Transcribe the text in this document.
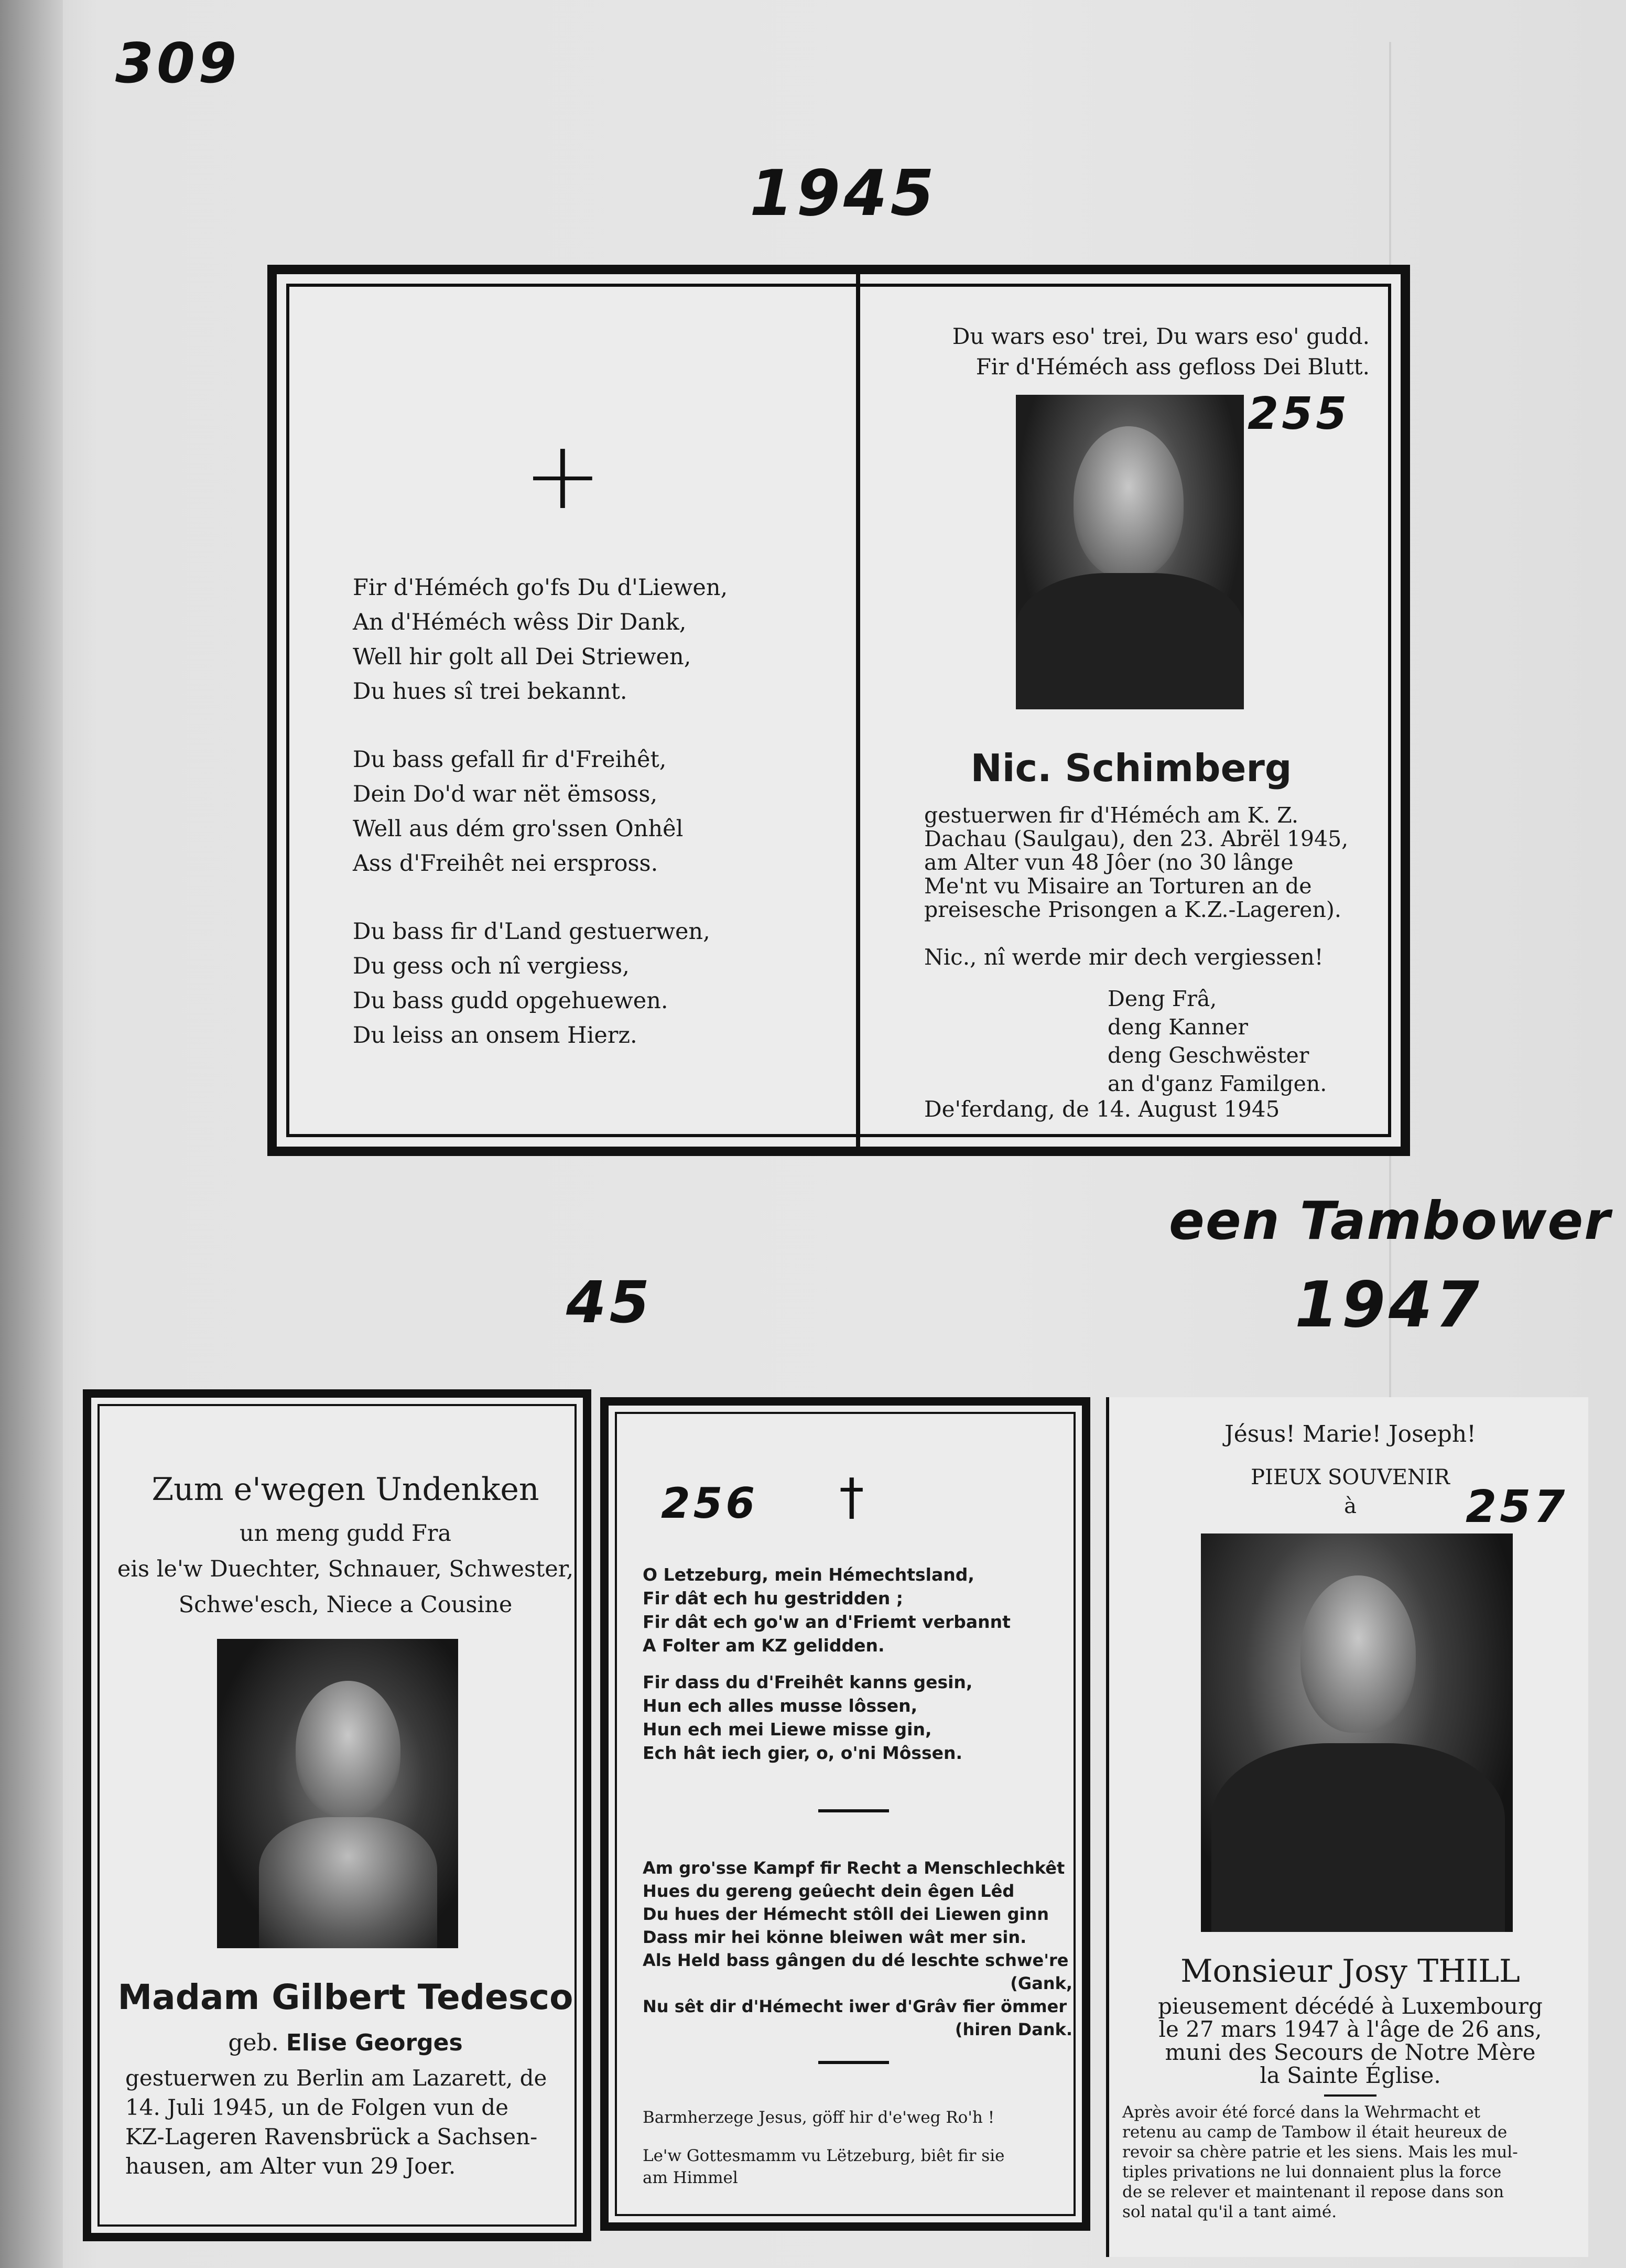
309
1945
255
een Tambower
45	1947
+

Fir d'Héméch go'fs Du d'Liewen,

An d'Héméch wêss Dir Dank,

Well hir golt all Dei Striewen,

Du hues sî trei bekannt.

Du bass gefall fir d'Freihêt,

Dein Do'd war nët ëmsoss,

Well aus dém gro'ssen Onhêl

Ass d'Freihêt nei erspross.

Du bass fir d'Land gestuerwen,

Du gess och nî vergiess,

Du bass gudd opgehuewen.

Du leiss an onsem Hierz.

Du wars eso' trei, Du wars eso' gudd.

Fir d'Héméch ass gefloss Dei Blutt.

Nic. Schimberg

gestuerwen fir d'Héméch am K. Z.

Dachau (Saulgau), den 23. Abrël 1945,

am Alter vun 48 Jôer (no 30 lânge

Me'nt vu Misaire an Torturen an de

preisesche Prisongen a K.Z.-Lageren).

Nic., nî werde mir dech vergiessen!

Deng Frâ,

deng Kanner

deng Geschwëster

an d'ganz Familgen.

De'ferdang, de 14. August 1945
Zum e'wegen Undenken
un meng gudd Fra
eis le'w Duechter, Schnauer, Schwester,
Schwe'esch, Niece a Cousine
Madam Gilbert Tedesco
geb. Elise Georges
gestuerwen zu Berlin am Lazarett, de
14. Juli 1945, un de Folgen vun de
KZ-Lageren Ravensbrück a Sachsen-
hausen, am Alter vun 29 Joer.
256 †
O Letzeburg, mein Hémechtsland,
Fir dât ech hu gestridden ;
Fir dât ech go'w an d'Friemt verbannt
A Folter am KZ gelidden.
Fir dass du d'Freihêt kanns gesin,
Hun ech alles musse lôssen,
Hun ech mei Liewe misse gin,
Ech hât iech gier, o, o'ni Môssen.
Am gro'sse Kampf fir Recht a Menschlechkêt
Hues du gereng geûecht dein êgen Lêd
Du hues der Hémecht stôll dei Liewen ginn
Dass mir hei könne bleiwen wât mer sin.
Als Held bass gângen du dé leschte schwe're
(Gank,
Nu sêt dir d'Hémecht iwer d'Grâv fier ömmer
(hiren Dank.
Barmherzege Jesus, göff hir d'e'weg Ro'h !
Le'w Gottesmamm vu Lëtzeburg, biêt fir sie
am Himmel
Jésus! Marie! Joseph!
PIEUX SOUVENIR
à	257
Monsieur Josy THILL
pieusement décédé à Luxembourg
le 27 mars 1947 à l'âge de 26 ans,
muni des Secours de Notre Mère
la Sainte Église.
Après avoir été forcé dans la Wehrmacht et
retenu au camp de Tambow il était heureux de
revoir sa chère patrie et les siens. Mais les mul-
tiples privations ne lui donnaient plus la force
de se relever et maintenant il repose dans son
sol natal qu'il a tant aimé.
